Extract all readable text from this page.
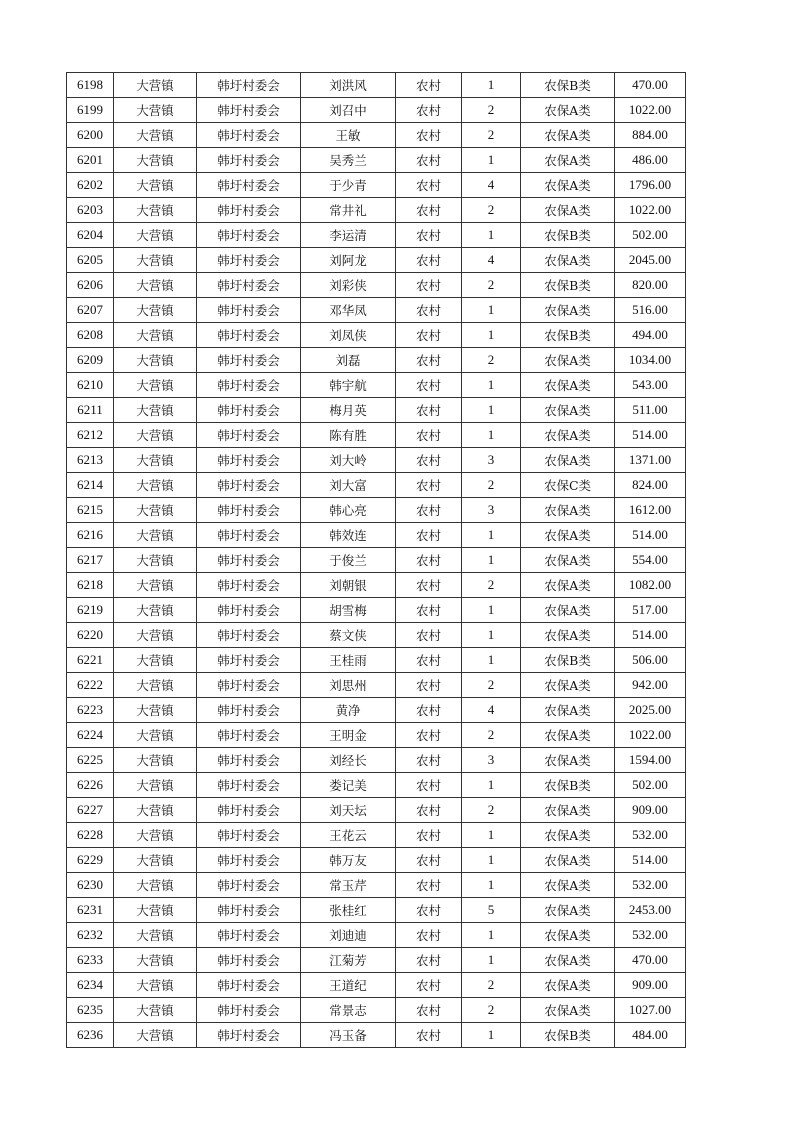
6198	大营镇	韩圩村委会	刘洪风	农村	1	农保B类	470.00
6199	大营镇	韩圩村委会	刘召中	农村	2	农保A类	1022.00
6200	大营镇	韩圩村委会	王敏	农村	2	农保A类	884.00
6201	大营镇	韩圩村委会	吴秀兰	农村	1	农保A类	486.00
6202	大营镇	韩圩村委会	于少青	农村	4	农保A类	1796.00
6203	大营镇	韩圩村委会	常井礼	农村	2	农保A类	1022.00
6204	大营镇	韩圩村委会	李运清	农村	1	农保B类	502.00
6205	大营镇	韩圩村委会	刘阿龙	农村	4	农保A类	2045.00
6206	大营镇	韩圩村委会	刘彩侠	农村	2	农保B类	820.00
6207	大营镇	韩圩村委会	邓华凤	农村	1	农保A类	516.00
6208	大营镇	韩圩村委会	刘凤侠	农村	1	农保B类	494.00
6209	大营镇	韩圩村委会	刘磊	农村	2	农保A类	1034.00
6210	大营镇	韩圩村委会	韩宇航	农村	1	农保A类	543.00
6211	大营镇	韩圩村委会	梅月英	农村	1	农保A类	511.00
6212	大营镇	韩圩村委会	陈有胜	农村	1	农保A类	514.00
6213	大营镇	韩圩村委会	刘大岭	农村	3	农保A类	1371.00
6214	大营镇	韩圩村委会	刘大富	农村	2	农保C类	824.00
6215	大营镇	韩圩村委会	韩心亮	农村	3	农保A类	1612.00
6216	大营镇	韩圩村委会	韩效连	农村	1	农保A类	514.00
6217	大营镇	韩圩村委会	于俊兰	农村	1	农保A类	554.00
6218	大营镇	韩圩村委会	刘朝银	农村	2	农保A类	1082.00
6219	大营镇	韩圩村委会	胡雪梅	农村	1	农保A类	517.00
6220	大营镇	韩圩村委会	蔡文侠	农村	1	农保A类	514.00
6221	大营镇	韩圩村委会	王桂雨	农村	1	农保B类	506.00
6222	大营镇	韩圩村委会	刘思州	农村	2	农保A类	942.00
6223	大营镇	韩圩村委会	黄净	农村	4	农保A类	2025.00
6224	大营镇	韩圩村委会	王明金	农村	2	农保A类	1022.00
6225	大营镇	韩圩村委会	刘经长	农村	3	农保A类	1594.00
6226	大营镇	韩圩村委会	娄记美	农村	1	农保B类	502.00
6227	大营镇	韩圩村委会	刘天坛	农村	2	农保A类	909.00
6228	大营镇	韩圩村委会	王花云	农村	1	农保A类	532.00
6229	大营镇	韩圩村委会	韩万友	农村	1	农保A类	514.00
6230	大营镇	韩圩村委会	常玉芹	农村	1	农保A类	532.00
6231	大营镇	韩圩村委会	张桂红	农村	5	农保A类	2453.00
6232	大营镇	韩圩村委会	刘迪迪	农村	1	农保A类	532.00
6233	大营镇	韩圩村委会	江菊芳	农村	1	农保A类	470.00
6234	大营镇	韩圩村委会	王道纪	农村	2	农保A类	909.00
6235	大营镇	韩圩村委会	常景志	农村	2	农保A类	1027.00
6236	大营镇	韩圩村委会	冯玉备	农村	1	农保B类	484.00
